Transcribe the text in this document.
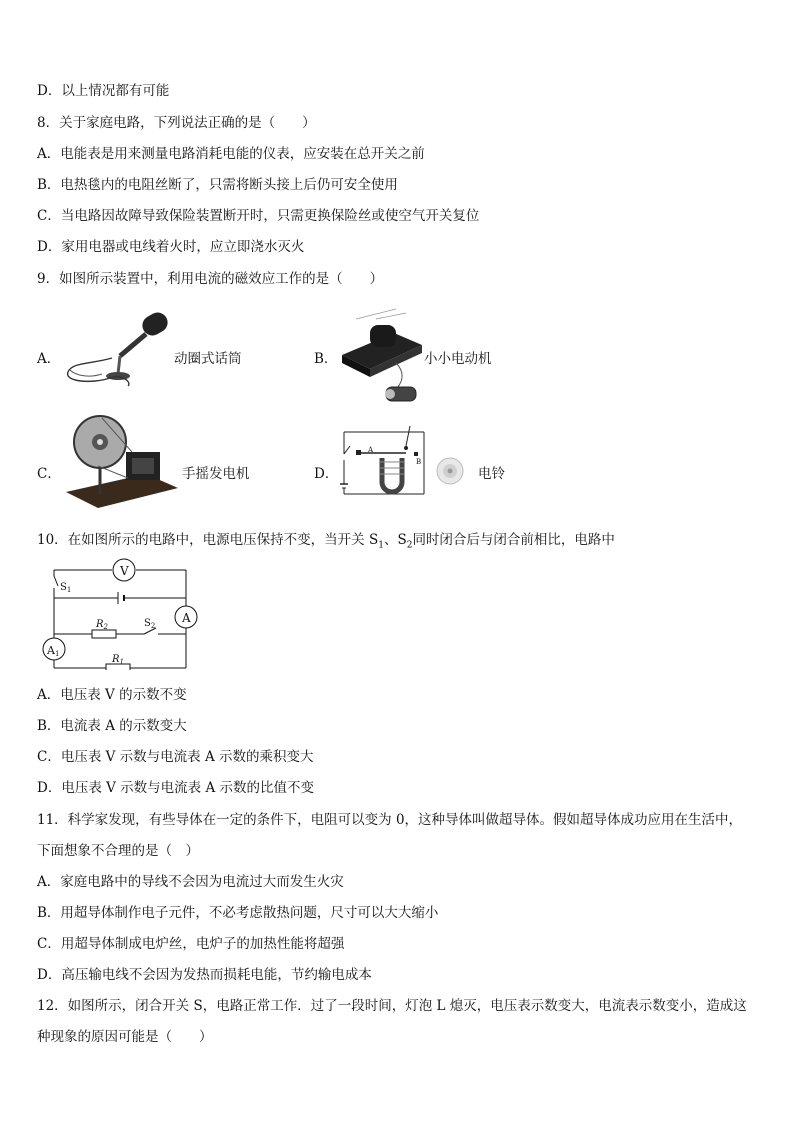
D．以上情况都有可能
8．关于家庭电路，下列说法正确的是（　　）
A．电能表是用来测量电路消耗电能的仪表，应安装在总开关之前
B．电热毯内的电阻丝断了，只需将断头接上后仍可安全使用
C．当电路因故障导致保险装置断开时，只需更换保险丝或使空气开关复位
D．家用电器或电线着火时，应立即浇水灭火
9．如图所示装置中，利用电流的磁效应工作的是（　　）
A．	动圈式话筒	B．	小小电动机
C．	手摇发电机	D．
A
B
电铃
10．在如图所示的电路中，电源电压保持不变，当开关 $S_1$、$S_2$同时闭合后与闭合前相比，电路中
V
A
A1
$S_1$
$S_2$
$R_2$
$R_1$
A．电压表 V 的示数不变
B．电流表 A 的示数变大
C．电压表 V 示数与电流表 A 示数的乘积变大
D．电压表 V 示数与电流表 A 示数的比值不变
11．科学家发现，有些导体在一定的条件下，电阻可以变为 0，这种导体叫做超导体。假如超导体成功应用在生活中，
下面想象不合理的是（　）
A．家庭电路中的导线不会因为电流过大而发生火灾
B．用超导体制作电子元件，不必考虑散热问题，尺寸可以大大缩小
C．用超导体制成电炉丝，电炉子的加热性能将超强
D．高压输电线不会因为发热而损耗电能，节约输电成本
12．如图所示，闭合开关 S，电路正常工作．过了一段时间，灯泡 L 熄灭，电压表示数变大，电流表示数变小，造成这
种现象的原因可能是（　　）
